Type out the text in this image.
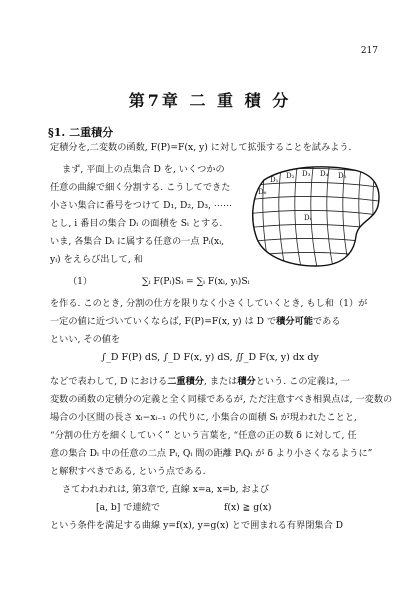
217
第7章 二 重 積 分
§1. 二重積分
定積分を,二変数の函数, F(P)=F(x, y) に対して拡張することを試みよう.
まず, 平面上の点集合 D を, いくつかの
任意の曲線で細く分割する. こうしてできた
小さい集合に番号をつけて D₁, D₂, D₃, ⋯⋯
とし, i 番目の集合 Dᵢ の面積を Sᵢ とする.
いま, 各集合 Dᵢ に属する任意の一点 Pᵢ(xᵢ,
yᵢ) をえらび出して, 和
（1）	∑ᵢ F(Pᵢ)Sᵢ = ∑ᵢ F(xᵢ, yᵢ)Sᵢ
を作る. このとき, 分割の仕方を限りなく小さくしていくとき, もし和（1）が
一定の値に近づいていくならば, F(P)=F(x, y) は D で積分可能である
といい, その値を
∫_D F(P) dS, ∫_D F(x, y) dS, ∬_D F(x, y) dx dy
などで表わして, D における二重積分, または積分という. この定義は, 一
変数の函数の定積分の定義と全く同様であるが, ただ注意すべき相異点は, 一変数の
場合の小区間の長さ xᵢ−xᵢ₋₁ の代りに, 小集合の面積 Sᵢ が現われたことと,
“分割の仕方を細くしていく” という言葉を, “任意の正の数 δ に対して, 任
意の集合 Dᵢ 中の任意の二点 Pᵢ, Qᵢ 間の距離 PᵢQᵢ が δ より小さくなるように”
と解釈すべきである, という点である.
さてわれわれは, 第3章で, 直線 x=a, x=b, および
[a, b] で連続で	f(x) ≧ g(x)
という条件を満足する曲線 y=f(x), y=g(x) とで囲まれる有界閉集合 D
D₁ D₂ D₃ D₄ D₅
D₆
Dᵢ
